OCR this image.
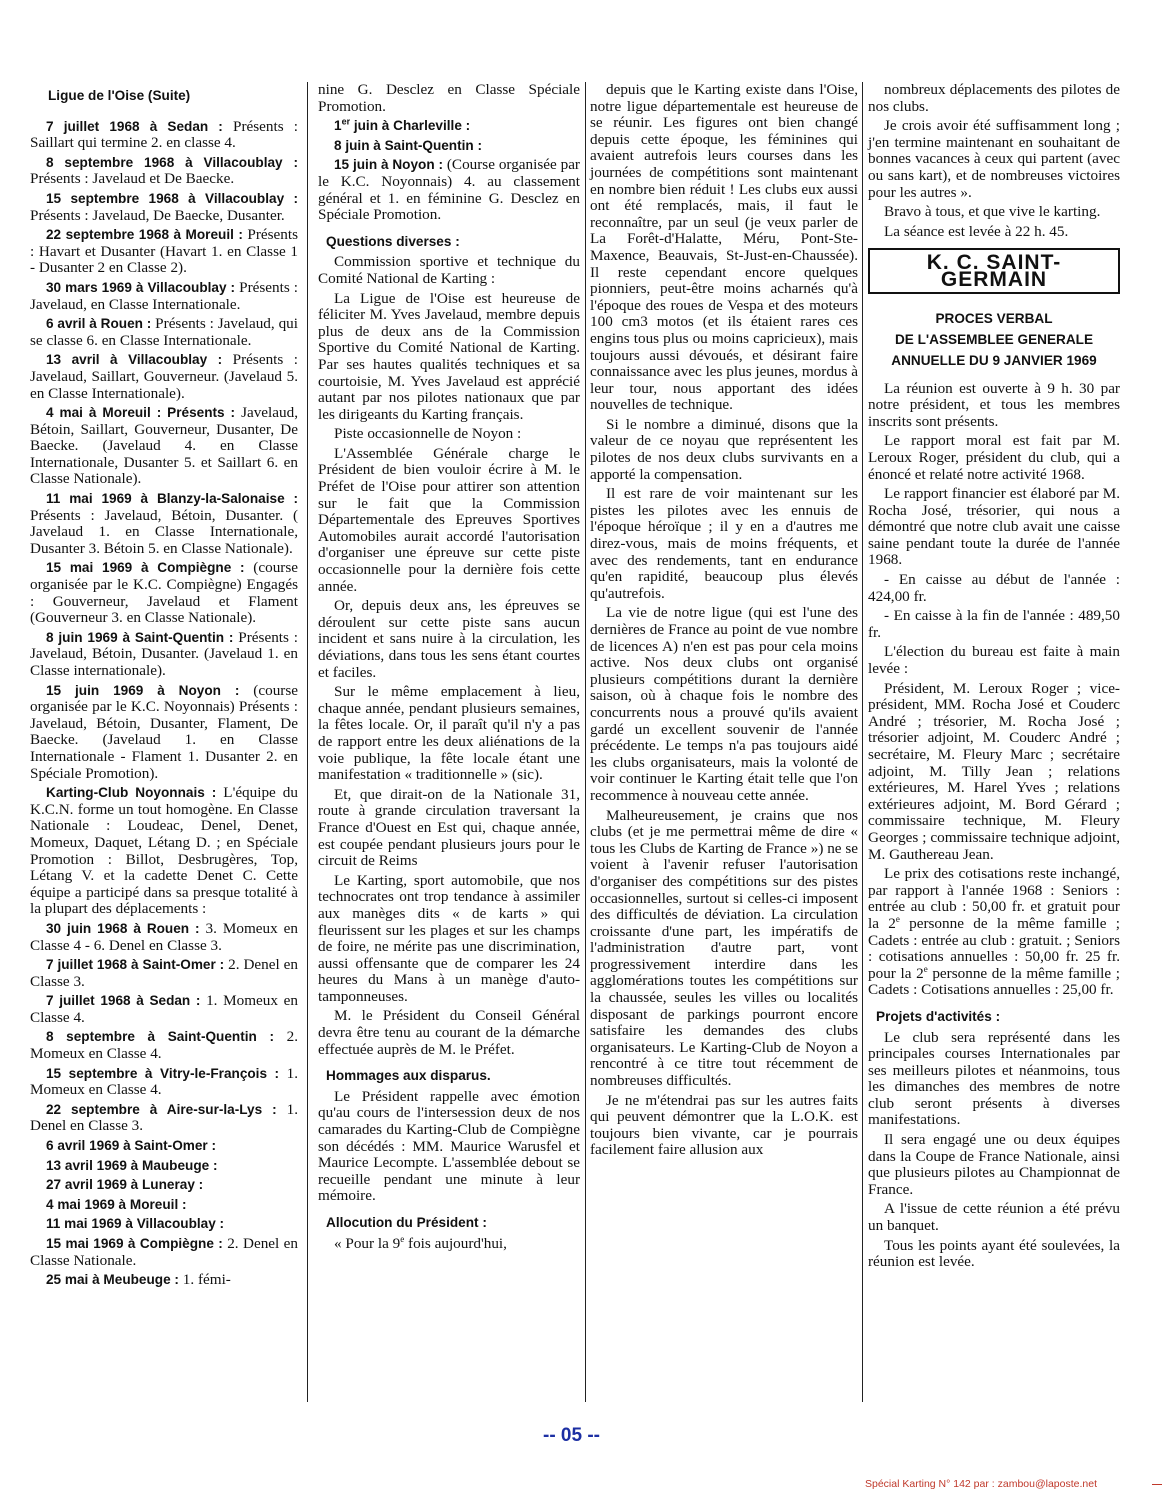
Ligue de l'Oise (Suite)

7 juillet 1968 à Sedan : Présents : Saillart qui termine 2. en classe 4.

8 septembre 1968 à Villacoublay : Présents : Javelaud et De Baecke.

15 septembre 1968 à Villacoublay : Présents : Javelaud, De Baecke, Dusanter.

22 septembre 1968 à Moreuil : Présents : Havart et Dusanter (Havart 1. en Classe 1 - Dusanter 2 en Classe 2).

30 mars 1969 à Villacoublay : Présents : Javelaud, en Classe Internationale.

6 avril à Rouen : Présents : Javelaud, qui se classe 6. en Classe Internationale.

13 avril à Villacoublay : Présents : Javelaud, Saillart, Gouverneur. (Javelaud 5. en Classe Internationale).

4 mai à Moreuil : Présents : Javelaud, Bétoin, Saillart, Gouverneur, Dusanter, De Baecke. (Javelaud 4. en Classe Internationale, Dusanter 5. et Saillart 6. en Classe Nationale).

11 mai 1969 à Blanzy-la-Salonaise : Présents : Javelaud, Bétoin, Dusanter. ( Javelaud 1. en Classe Internationale, Dusanter 3. Bétoin 5. en Classe Nationale).

15 mai 1969 à Compiègne : (course organisée par le K.C. Compiègne) Engagés : Gouverneur, Javelaud et Flament (Gouverneur 3. en Classe Nationale).

8 juin 1969 à Saint-Quentin : Présents : Javelaud, Bétoin, Dusanter. (Javelaud 1. en Classe internationale).

15 juin 1969 à Noyon : (course organisée par le K.C. Noyonnais) Présents : Javelaud, Bétoin, Dusanter, Flament, De Baecke. (Javelaud 1. en Classe Internationale - Flament 1. Dusanter 2. en Spéciale Promotion).

Karting-Club Noyonnais : L'équipe du K.C.N. forme un tout homogène. En Classe Nationale : Loudeac, Denel, Denet, Momeux, Daquet, Létang D. ; en Spéciale Promotion : Billot, Desbrugères, Top, Létang V. et la cadette Denet C. Cette équipe a participé dans sa presque totalité à la plupart des déplacements :

30 juin 1968 à Rouen : 3. Momeux en Classe 4 - 6. Denel en Classe 3.

7 juillet 1968 à Saint-Omer : 2. Denel en Classe 3.

7 juillet 1968 à Sedan : 1. Momeux en Classe 4.

8 septembre à Saint-Quentin : 2. Momeux en Classe 4.

15 septembre à Vitry-le-François : 1. Momeux en Classe 4.

22 septembre à Aire-sur-la-Lys : 1. Denel en Classe 3.

6 avril 1969 à Saint-Omer :

13 avril 1969 à Maubeuge :

27 avril 1969 à Luneray :

4 mai 1969 à Moreuil :

11 mai 1969 à Villacoublay :

15 mai 1969 à Compiègne : 2. Denel en Classe Nationale.

25 mai à Meubeuge : 1. fémi-

nine G. Desclez en Classe Spéciale Promotion.

1er juin à Charleville :

8 juin à Saint-Quentin :

15 juin à Noyon : (Course organisée par le K.C. Noyonnais) 4. au classement général et 1. en féminine G. Desclez en Spéciale Promotion.

Questions diverses :

Commission sportive et technique du Comité National de Karting :

La Ligue de l'Oise est heureuse de féliciter M. Yves Javelaud, membre depuis plus de deux ans de la Commission Sportive du Comité National de Karting. Par ses hautes qualités techniques et sa courtoisie, M. Yves Javelaud est apprécié autant par nos pilotes nationaux que par les dirigeants du Karting français.

Piste occasionnelle de Noyon :

L'Assemblée Générale charge le Président de bien vouloir écrire à M. le Préfet de l'Oise pour attirer son attention sur le fait que la Commission Départementale des Epreuves Sportives Automobiles aurait accordé l'autorisation d'organiser une épreuve sur cette piste occasionnelle pour la dernière fois cette année.

Or, depuis deux ans, les épreuves se déroulent sur cette piste sans aucun incident et sans nuire à la circulation, les déviations, dans tous les sens étant courtes et faciles.

Sur le même emplacement à lieu, chaque année, pendant plusieurs semaines, la fêtes locale. Or, il paraît qu'il n'y a pas de rapport entre les deux aliénations de la voie publique, la fête locale étant une manifestation « traditionnelle » (sic).

Et, que dirait-on de la Nationale 31, route à grande circulation traversant la France d'Ouest en Est qui, chaque année, est coupée pendant plusieurs jours pour le circuit de Reims

Le Karting, sport automobile, que nos technocrates ont trop tendance à assimiler aux manèges dits « de karts » qui fleurissent sur les plages et sur les champs de foire, ne mérite pas une discrimination, aussi offensante que de comparer les 24 heures du Mans à un manège d'auto-tamponneuses.

M. le Président du Conseil Général devra être tenu au courant de la démarche effectuée auprès de M. le Préfet.

Hommages aux disparus.

Le Président rappelle avec émotion qu'au cours de l'intersession deux de nos camarades du Karting-Club de Compiègne son décédés : MM. Maurice Warusfel et Maurice Lecompte. L'assemblée debout se recueille pendant une minute à leur mémoire.

Allocution du Président :

« Pour la 9e fois aujourd'hui,

depuis que le Karting existe dans l'Oise, notre ligue départementale est heureuse de se réunir. Les figures ont bien changé depuis cette époque, les féminines qui avaient autrefois leurs courses dans les journées de compétitions sont maintenant en nombre bien réduit ! Les clubs eux aussi ont été remplacés, mais, il faut le reconnaître, par un seul (je veux parler de La Forêt-d'Halatte, Méru, Pont-Ste-Maxence, Beauvais, St-Just-en-Chaussée). Il reste cependant encore quelques pionniers, peut-être moins acharnés qu'à l'époque des roues de Vespa et des moteurs 100 cm3 motos (et ils étaient rares ces engins tous plus ou moins capricieux), mais toujours aussi dévoués, et désirant faire connaissance avec les plus jeunes, mordus à leur tour, nous apportant des idées nouvelles de technique.

Si le nombre a diminué, disons que la valeur de ce noyau que représentent les pilotes de nos deux clubs survivants en a apporté la compensation.

Il est rare de voir maintenant sur les pistes les pilotes avec les ennuis de l'époque héroïque ; il y en a d'autres me direz-vous, mais de moins fréquents, et avec des rendements, tant en endurance qu'en rapidité, beaucoup plus élevés qu'autrefois.

La vie de notre ligue (qui est l'une des dernières de France au point de vue nombre de licences A) n'en est pas pour cela moins active. Nos deux clubs ont organisé plusieurs compétitions durant la dernière saison, où à chaque fois le nombre des concurrents nous a prouvé qu'ils avaient gardé un excellent souvenir de l'année précédente. Le temps n'a pas toujours aidé les clubs organisateurs, mais la volonté de voir continuer le Karting était telle que l'on recommence à nouveau cette année.

Malheureusement, je crains que nos clubs (et je me permettrai même de dire « tous les Clubs de Karting de France ») ne se voient à l'avenir refuser l'autorisation d'organiser des compétitions sur des pistes occasionnelles, surtout si celles-ci imposent des difficultés de déviation. La circulation croissante d'une part, les impératifs de l'administration d'autre part, vont progressivement interdire dans les agglomérations toutes les compétitions sur la chaussée, seules les villes ou localités disposant de parkings pourront encore satisfaire les demandes des clubs organisateurs. Le Karting-Club de Noyon a rencontré à ce titre tout récemment de nombreuses difficultés.

Je ne m'étendrai pas sur les autres faits qui peuvent démontrer que la L.O.K. est toujours bien vivante, car je pourrais facilement faire allusion aux

nombreux déplacements des pilotes de nos clubs.

Je crois avoir été suffisamment long ; j'en termine maintenant en souhaitant de bonnes vacances à ceux qui partent (avec ou sans kart), et de nombreuses victoires pour les autres ».

Bravo à tous, et que vive le karting.

La séance est levée à 22 h. 45.

K. C. SAINT-GERMAIN
PROCES VERBAL
DE L'ASSEMBLEE GENERALE
ANNUELLE DU 9 JANVIER 1969

La réunion est ouverte à 9 h. 30 par notre président, et tous les membres inscrits sont présents.

Le rapport moral est fait par M. Leroux Roger, président du club, qui a énoncé et relaté notre activité 1968.

Le rapport financier est élaboré par M. Rocha José, trésorier, qui nous a démontré que notre club avait une caisse saine pendant toute la durée de l'année 1968.

- En caisse au début de l'année : 424,00 fr.

- En caisse à la fin de l'année : 489,50 fr.

L'élection du bureau est faite à main levée :

Président, M. Leroux Roger ; vice-président, MM. Rocha José et Couderc André ; trésorier, M. Rocha José ; trésorier adjoint, M. Couderc André ; secrétaire, M. Fleury Marc ; secrétaire adjoint, M. Tilly Jean ; relations extérieures, M. Harel Yves ; relations extérieures adjoint, M. Bord Gérard ; commissaire technique, M. Fleury Georges ; commissaire technique adjoint, M. Gauthereau Jean.

Le prix des cotisations reste inchangé, par rapport à l'année 1968 : Seniors : entrée au club : 50,00 fr. et gratuit pour la 2e personne de la même famille ; Cadets : entrée au club : gratuit. ; Seniors : cotisations annuelles : 50,00 fr. 25 fr. pour la 2e personne de la même famille ; Cadets : Cotisations annuelles : 25,00 fr.

Projets d'activités :

Le club sera représenté dans les principales courses Internationales par ses meilleurs pilotes et néanmoins, tous les dimanches des membres de notre club seront présents à diverses manifestations.

Il sera engagé une ou deux équipes dans la Coupe de France Nationale, ainsi que plusieurs pilotes au Championnat de France.

A l'issue de cette réunion a été prévu un banquet.

Tous les points ayant été soulevées, la réunion est levée.

-- 05 --
Spécial Karting N° 142 par : zambou@laposte.net
